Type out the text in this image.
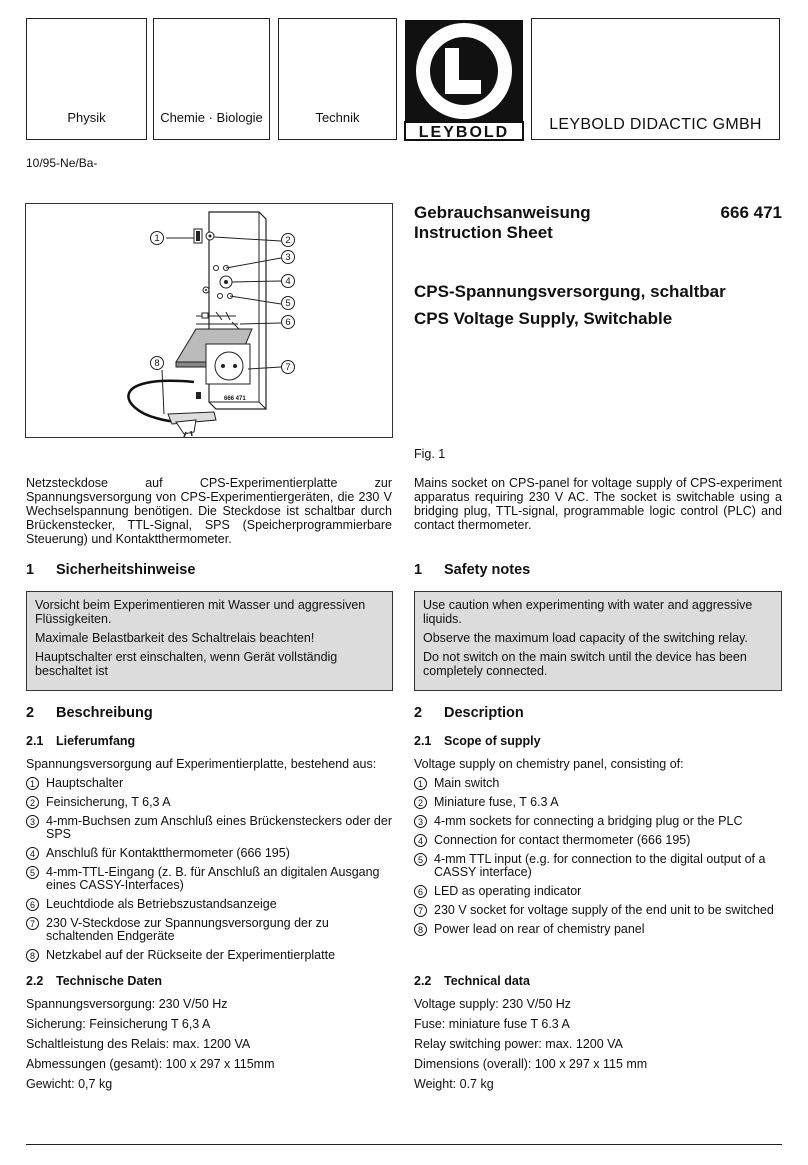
Physik	Chemie · Biologie	Technik
LEYBOLD	LEYBOLD DIDACTIC GMBH
10/95-Ne/Ba-
666 471
1	2
3
4
5
6
7
8
Gebrauchsanweisung
Instruction Sheet
666 471
CPS-Spannungsversorgung, schaltbar
CPS Voltage Supply, Switchable
Fig. 1
Netzsteckdose auf CPS-Experimentierplatte zur Spannungsversorgung von CPS-Experimentiergeräten, die 230 V Wechselspannung benötigen. Die Steckdose ist schaltbar durch Brückenstecker, TTL-Signal, SPS (Speicherprogrammierbare Steuerung) und Kontaktthermometer.
Mains socket on CPS-panel for voltage supply of CPS-experiment apparatus requiring 230 V AC. The socket is switchable using a bridging plug, TTL-signal, programmable logic control (PLC) and contact thermometer.
1 Sicherheitshinweise	1 Safety notes

Vorsicht beim Experimentieren mit Wasser und aggressiven Flüssigkeiten.

Maximale Belastbarkeit des Schaltrelais beachten!

Hauptschalter erst einschalten, wenn Gerät vollständig beschaltet ist

Use caution when experimenting with water and aggressive liquids.

Observe the maximum load capacity of the switching relay.

Do not switch on the main switch until the device has been completely connected.

2 Beschreibung	2 Description
2.1 Lieferumfang	2.1 Scope of supply
Spannungsversorgung auf Experimentierplatte, bestehend aus:	Voltage supply on chemistry panel, consisting of:
1 Hauptschalter
2 Feinsicherung, T 6,3 A
3 4-mm-Buchsen zum Anschluß eines Brückensteckers oder der SPS
4 Anschluß für Kontaktthermometer (666 195)
5 4-mm-TTL-Eingang (z. B. für Anschluß an digitalen Ausgang eines CASSY-Interfaces)
6 Leuchtdiode als Betriebszustandsanzeige
7 230 V-Steckdose zur Spannungsversorgung der zu schaltenden Endgeräte
8 Netzkabel auf der Rückseite der Experimentierplatte
1 Main switch
2 Miniature fuse, T 6.3 A
3 4-mm sockets for connecting a bridging plug or the PLC
4 Connection for contact thermometer (666 195)
5 4-mm TTL input (e.g. for connection to the digital output of a CASSY interface)
6 LED as operating indicator
7 230 V socket for voltage supply of the end unit to be switched
8 Power lead on rear of chemistry panel
2.2 Technische Daten	2.2 Technical data

Spannungsversorgung: 230 V/50 Hz

Sicherung: Feinsicherung T 6,3 A

Schaltleistung des Relais: max. 1200 VA

Abmessungen (gesamt): 100 x 297 x 115mm

Gewicht: 0,7 kg

Voltage supply: 230 V/50 Hz

Fuse: miniature fuse T 6.3 A

Relay switching power: max. 1200 VA

Dimensions (overall): 100 x 297 x 115 mm

Weight: 0.7 kg
